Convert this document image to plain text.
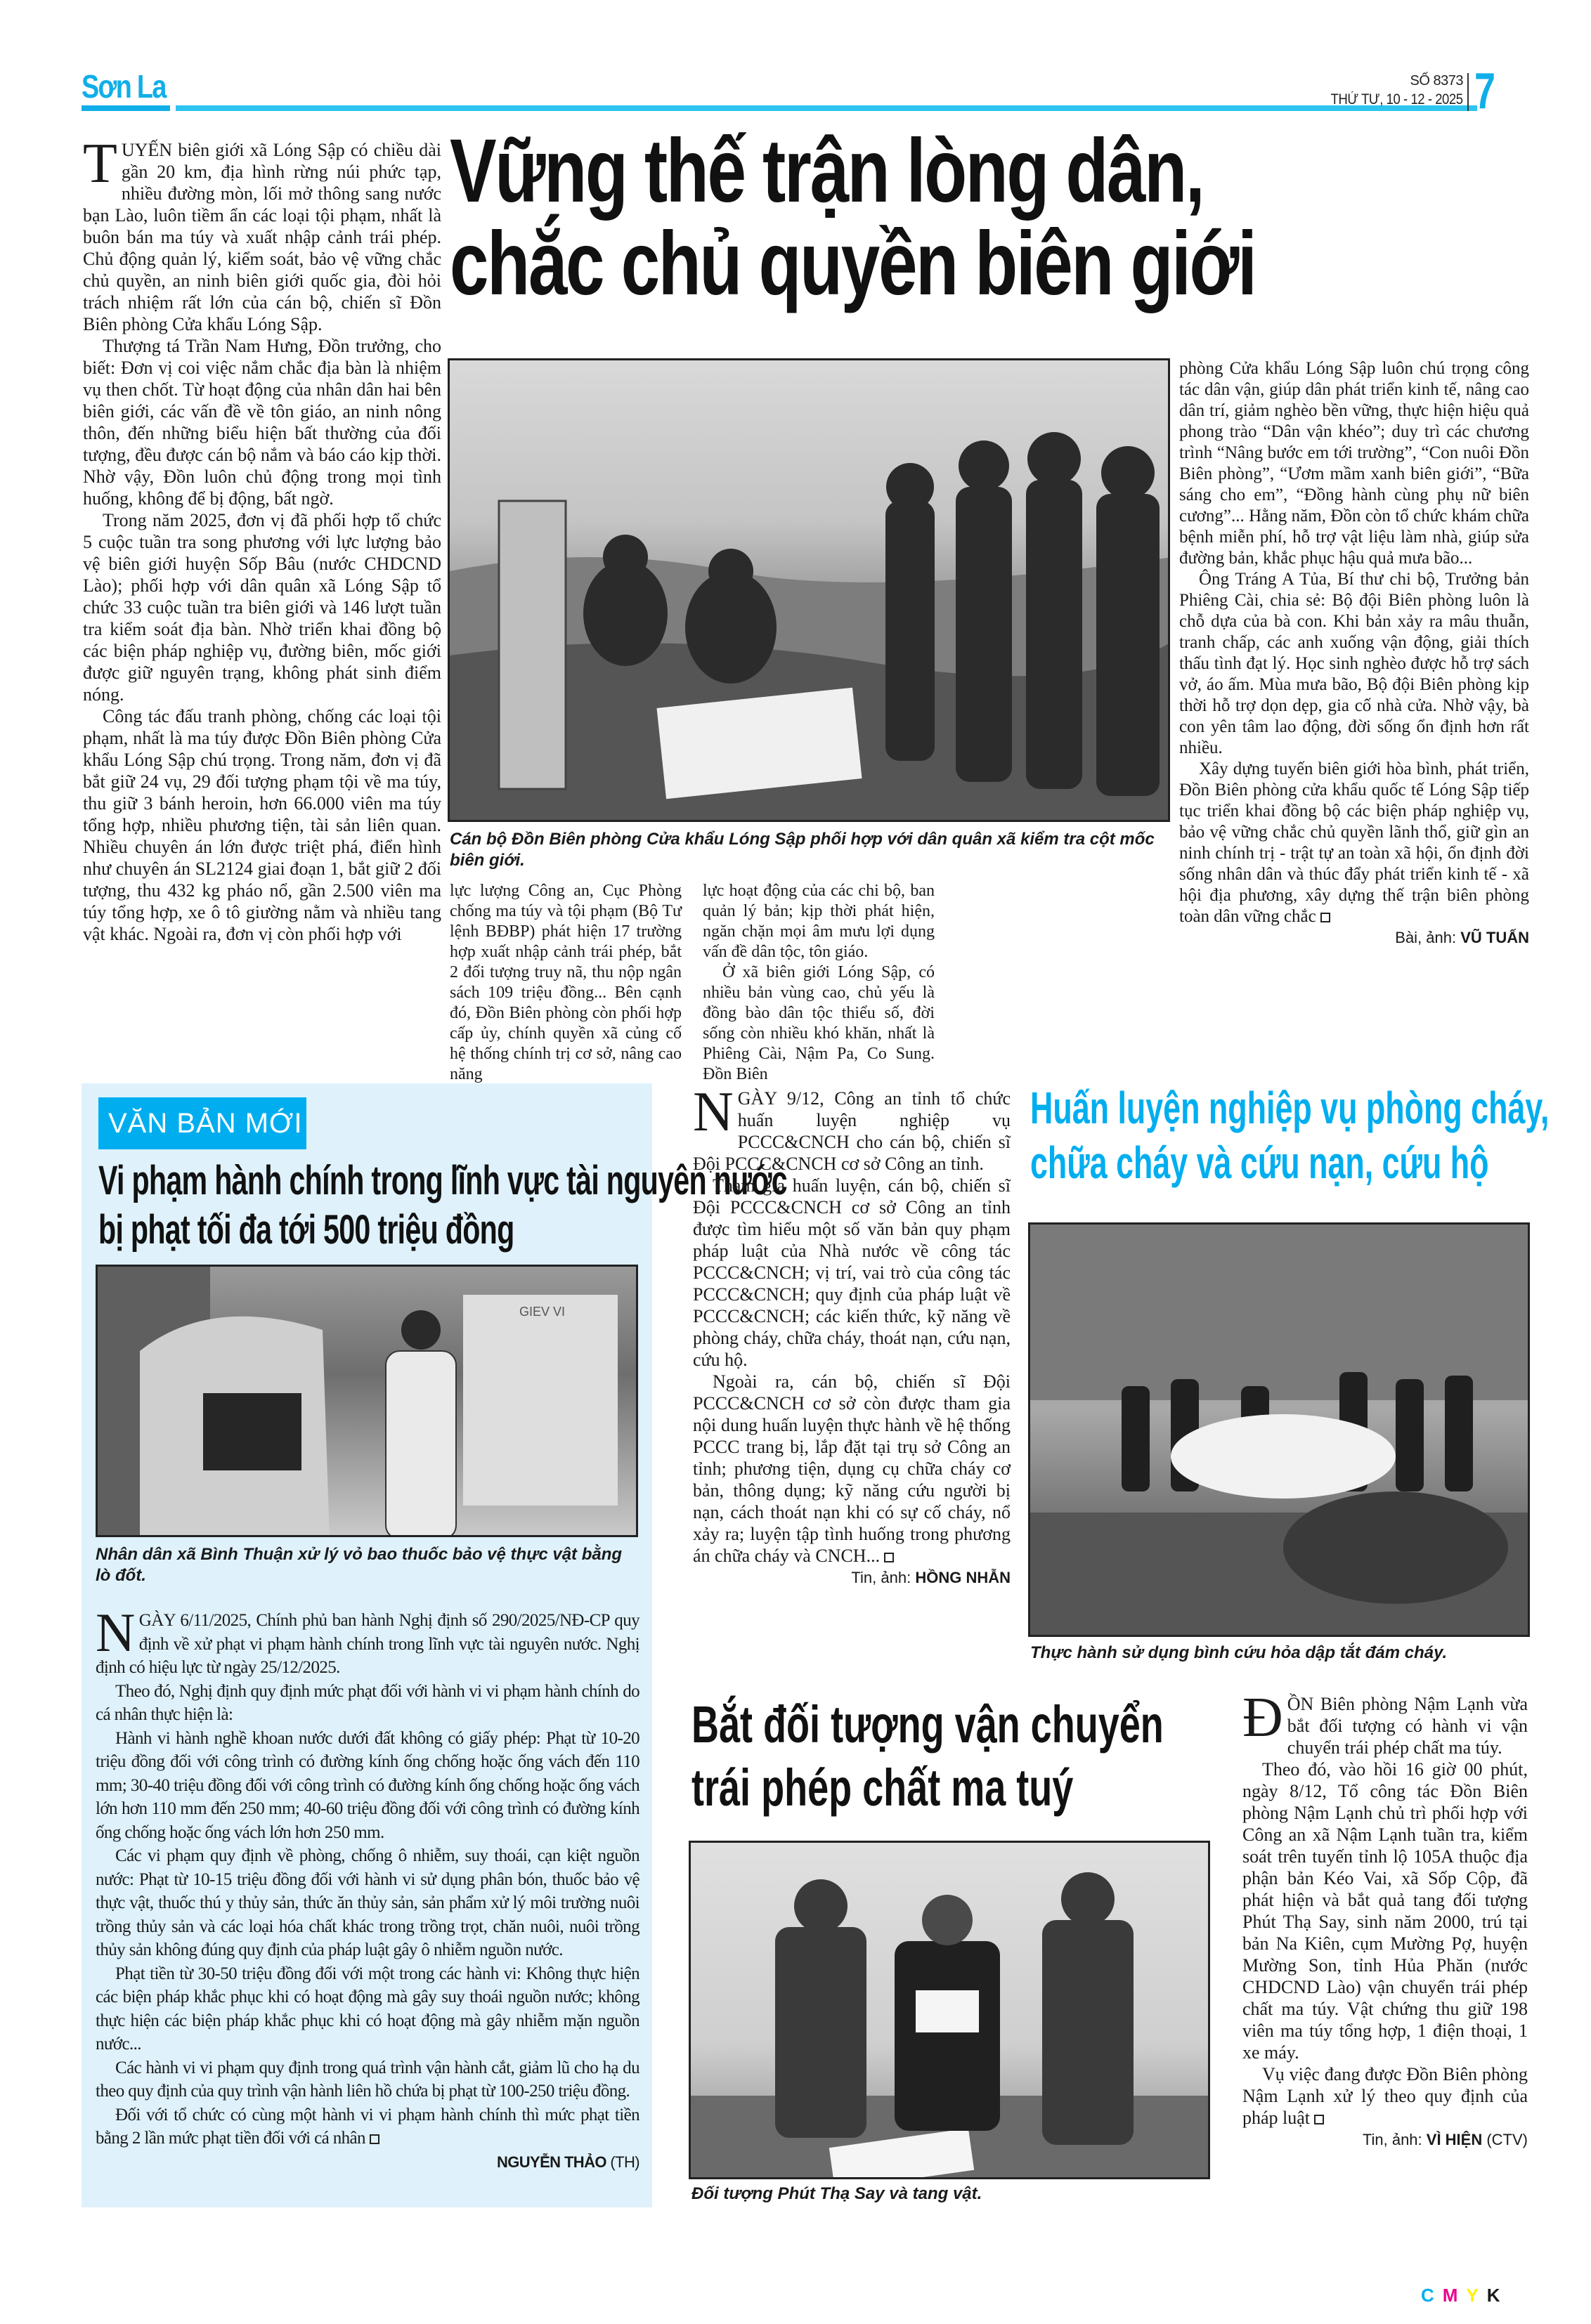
Sơn La	SỐ 8373
THỨ TƯ, 10 - 12 - 2025 7
Vững thế trận lòng dân,
chắc chủ quyền biên giới

TUYẾN biên giới xã Lóng Sập có chiều dài gần 20 km, địa hình rừng núi phức tạp, nhiều đường mòn, lối mở thông sang nước bạn Lào, luôn tiềm ẩn các loại tội phạm, nhất là buôn bán ma túy và xuất nhập cảnh trái phép. Chủ động quản lý, kiểm soát, bảo vệ vững chắc chủ quyền, an ninh biên giới quốc gia, đòi hỏi trách nhiệm rất lớn của cán bộ, chiến sĩ Đồn Biên phòng Cửa khẩu Lóng Sập.

Thượng tá Trần Nam Hưng, Đồn trưởng, cho biết: Đơn vị coi việc nắm chắc địa bàn là nhiệm vụ then chốt. Từ hoạt động của nhân dân hai bên biên giới, các vấn đề về tôn giáo, an ninh nông thôn, đến những biểu hiện bất thường của đối tượng, đều được cán bộ nắm và báo cáo kịp thời. Nhờ vậy, Đồn luôn chủ động trong mọi tình huống, không để bị động, bất ngờ.

Trong năm 2025, đơn vị đã phối hợp tổ chức 5 cuộc tuần tra song phương với lực lượng bảo vệ biên giới huyện Sốp Bâu (nước CHDCND Lào); phối hợp với dân quân xã Lóng Sập tổ chức 33 cuộc tuần tra biên giới và 146 lượt tuần tra kiểm soát địa bàn. Nhờ triển khai đồng bộ các biện pháp nghiệp vụ, đường biên, mốc giới được giữ nguyên trạng, không phát sinh điểm nóng.

Công tác đấu tranh phòng, chống các loại tội phạm, nhất là ma túy được Đồn Biên phòng Cửa khẩu Lóng Sập chú trọng. Trong năm, đơn vị đã bắt giữ 24 vụ, 29 đối tượng phạm tội về ma túy, thu giữ 3 bánh heroin, hơn 66.000 viên ma túy tổng hợp, nhiều phương tiện, tài sản liên quan. Nhiều chuyên án lớn được triệt phá, điển hình như chuyên án SL2124 giai đoạn 1, bắt giữ 2 đối tượng, thu 432 kg pháo nổ, gần 2.500 viên ma túy tổng hợp, xe ô tô giường nằm và nhiều tang vật khác. Ngoài ra, đơn vị còn phối hợp với

Cán bộ Đồn Biên phòng Cửa khẩu Lóng Sập phối hợp với dân quân xã kiểm tra cột mốc biên giới.

lực lượng Công an, Cục Phòng chống ma túy và tội phạm (Bộ Tư lệnh BĐBP) phát hiện 17 trường hợp xuất nhập cảnh trái phép, bắt 2 đối tượng truy nã, thu nộp ngân sách 109 triệu đồng... Bên cạnh đó, Đồn Biên phòng còn phối hợp cấp ủy, chính quyền xã củng cố hệ thống chính trị cơ sở, nâng cao năng

lực hoạt động của các chi bộ, ban quản lý bản; kịp thời phát hiện, ngăn chặn mọi âm mưu lợi dụng vấn đề dân tộc, tôn giáo.

Ở xã biên giới Lóng Sập, có nhiều bản vùng cao, chủ yếu là đồng bào dân tộc thiểu số, đời sống còn nhiều khó khăn, nhất là Phiêng Cài, Nậm Pa, Co Sung. Đồn Biên

phòng Cửa khẩu Lóng Sập luôn chú trọng công tác dân vận, giúp dân phát triển kinh tế, nâng cao dân trí, giảm nghèo bền vững, thực hiện hiệu quả phong trào “Dân vận khéo”; duy trì các chương trình “Nâng bước em tới trường”, “Con nuôi Đồn Biên phòng”, “Ươm mầm xanh biên giới”, “Bữa sáng cho em”, “Đồng hành cùng phụ nữ biên cương”... Hằng năm, Đồn còn tổ chức khám chữa bệnh miễn phí, hỗ trợ vật liệu làm nhà, giúp sửa đường bản, khắc phục hậu quả mưa bão...

Ông Tráng A Tủa, Bí thư chi bộ, Trưởng bản Phiêng Cài, chia sẻ: Bộ đội Biên phòng luôn là chỗ dựa của bà con. Khi bản xảy ra mâu thuẫn, tranh chấp, các anh xuống vận động, giải thích thấu tình đạt lý. Học sinh nghèo được hỗ trợ sách vở, áo ấm. Mùa mưa bão, Bộ đội Biên phòng kịp thời hỗ trợ dọn dẹp, gia cố nhà cửa. Nhờ vậy, bà con yên tâm lao động, đời sống ổn định hơn rất nhiều.

Xây dựng tuyến biên giới hòa bình, phát triển, Đồn Biên phòng cửa khẩu quốc tế Lóng Sập tiếp tục triển khai đồng bộ các biện pháp nghiệp vụ, bảo vệ vững chắc chủ quyền lãnh thổ, giữ gìn an ninh chính trị - trật tự an toàn xã hội, ổn định đời sống nhân dân và thúc đẩy phát triển kinh tế - xã hội địa phương, xây dựng thế trận biên phòng toàn dân vững chắc

Bài, ảnh: VŨ TUẤN

VĂN BẢN MỚI
Vi phạm hành chính trong lĩnh vực tài nguyên nước
bị phạt tối đa tới 500 triệu đồng
GIEV VI
Nhân dân xã Bình Thuận xử lý vỏ bao thuốc bảo vệ thực vật bằng lò đốt.

NGÀY 6/11/2025, Chính phủ ban hành Nghị định số 290/2025/NĐ-CP quy định về xử phạt vi phạm hành chính trong lĩnh vực tài nguyên nước. Nghị định có hiệu lực từ ngày 25/12/2025.

Theo đó, Nghị định quy định mức phạt đối với hành vi vi phạm hành chính do cá nhân thực hiện là:

Hành vi hành nghề khoan nước dưới đất không có giấy phép: Phạt từ 10-20 triệu đồng đối với công trình có đường kính ống chống hoặc ống vách đến 110 mm; 30-40 triệu đồng đối với công trình có đường kính ống chống hoặc ống vách lớn hơn 110 mm đến 250 mm; 40-60 triệu đồng đối với công trình có đường kính ống chống hoặc ống vách lớn hơn 250 mm.

Các vi phạm quy định về phòng, chống ô nhiễm, suy thoái, cạn kiệt nguồn nước: Phạt từ 10-15 triệu đồng đối với hành vi sử dụng phân bón, thuốc bảo vệ thực vật, thuốc thú y thủy sản, thức ăn thủy sản, sản phẩm xử lý môi trường nuôi trồng thủy sản và các loại hóa chất khác trong trồng trọt, chăn nuôi, nuôi trồng thủy sản không đúng quy định của pháp luật gây ô nhiễm nguồn nước.

Phạt tiền từ 30-50 triệu đồng đối với một trong các hành vi: Không thực hiện các biện pháp khắc phục khi có hoạt động mà gây suy thoái nguồn nước; không thực hiện các biện pháp khắc phục khi có hoạt động mà gây nhiễm mặn nguồn nước...

Các hành vi vi phạm quy định trong quá trình vận hành cắt, giảm lũ cho hạ du theo quy định của quy trình vận hành liên hồ chứa bị phạt từ 100-250 triệu đồng.

Đối với tổ chức có cùng một hành vi vi phạm hành chính thì mức phạt tiền bằng 2 lần mức phạt tiền đối với cá nhân

NGUYỄN THẢO (TH)

NGÀY 9/12, Công an tỉnh tổ chức huấn luyện nghiệp vụ PCCC&CNCH cho cán bộ, chiến sĩ Đội PCCC&CNCH cơ sở Công an tỉnh.

Tham gia huấn luyện, cán bộ, chiến sĩ Đội PCCC&CNCH cơ sở Công an tỉnh được tìm hiểu một số văn bản quy phạm pháp luật của Nhà nước về công tác PCCC&CNCH; vị trí, vai trò của công tác PCCC&CNCH; quy định của pháp luật về PCCC&CNCH; các kiến thức, kỹ năng về phòng cháy, chữa cháy, thoát nạn, cứu nạn, cứu hộ.

Ngoài ra, cán bộ, chiến sĩ Đội PCCC&CNCH cơ sở còn được tham gia nội dung huấn luyện thực hành về hệ thống PCCC trang bị, lắp đặt tại trụ sở Công an tỉnh; phương tiện, dụng cụ chữa cháy cơ bản, thông dụng; kỹ năng cứu người bị nạn, cách thoát nạn khi có sự cố cháy, nổ xảy ra; luyện tập tình huống trong phương án chữa cháy và CNCH...

Tin, ảnh: HỒNG NHẪN

Huấn luyện nghiệp vụ phòng cháy,
chữa cháy và cứu nạn, cứu hộ
Thực hành sử dụng bình cứu hỏa dập tắt đám cháy.
Bắt đối tượng vận chuyển
trái phép chất ma tuý
Đối tượng Phút Thạ Say và tang vật.

ĐỒN Biên phòng Nậm Lạnh vừa bắt đối tượng có hành vi vận chuyển trái phép chất ma túy.

Theo đó, vào hồi 16 giờ 00 phút, ngày 8/12, Tổ công tác Đồn Biên phòng Nậm Lạnh chủ trì phối hợp với Công an xã Nậm Lạnh tuần tra, kiểm soát trên tuyến tỉnh lộ 105A thuộc địa phận bản Kéo Vai, xã Sốp Cộp, đã phát hiện và bắt quả tang đối tượng Phút Thạ Say, sinh năm 2000, trú tại bản Na Kiên, cụm Mường Pợ, huyện Mường Son, tỉnh Hủa Phăn (nước CHDCND Lào) vận chuyển trái phép chất ma túy. Vật chứng thu giữ 198 viên ma túy tổng hợp, 1 điện thoại, 1 xe máy.

Vụ việc đang được Đồn Biên phòng Nậm Lạnh xử lý theo quy định của pháp luật

Tin, ảnh: VÌ HIỆN (CTV)

CMYK
